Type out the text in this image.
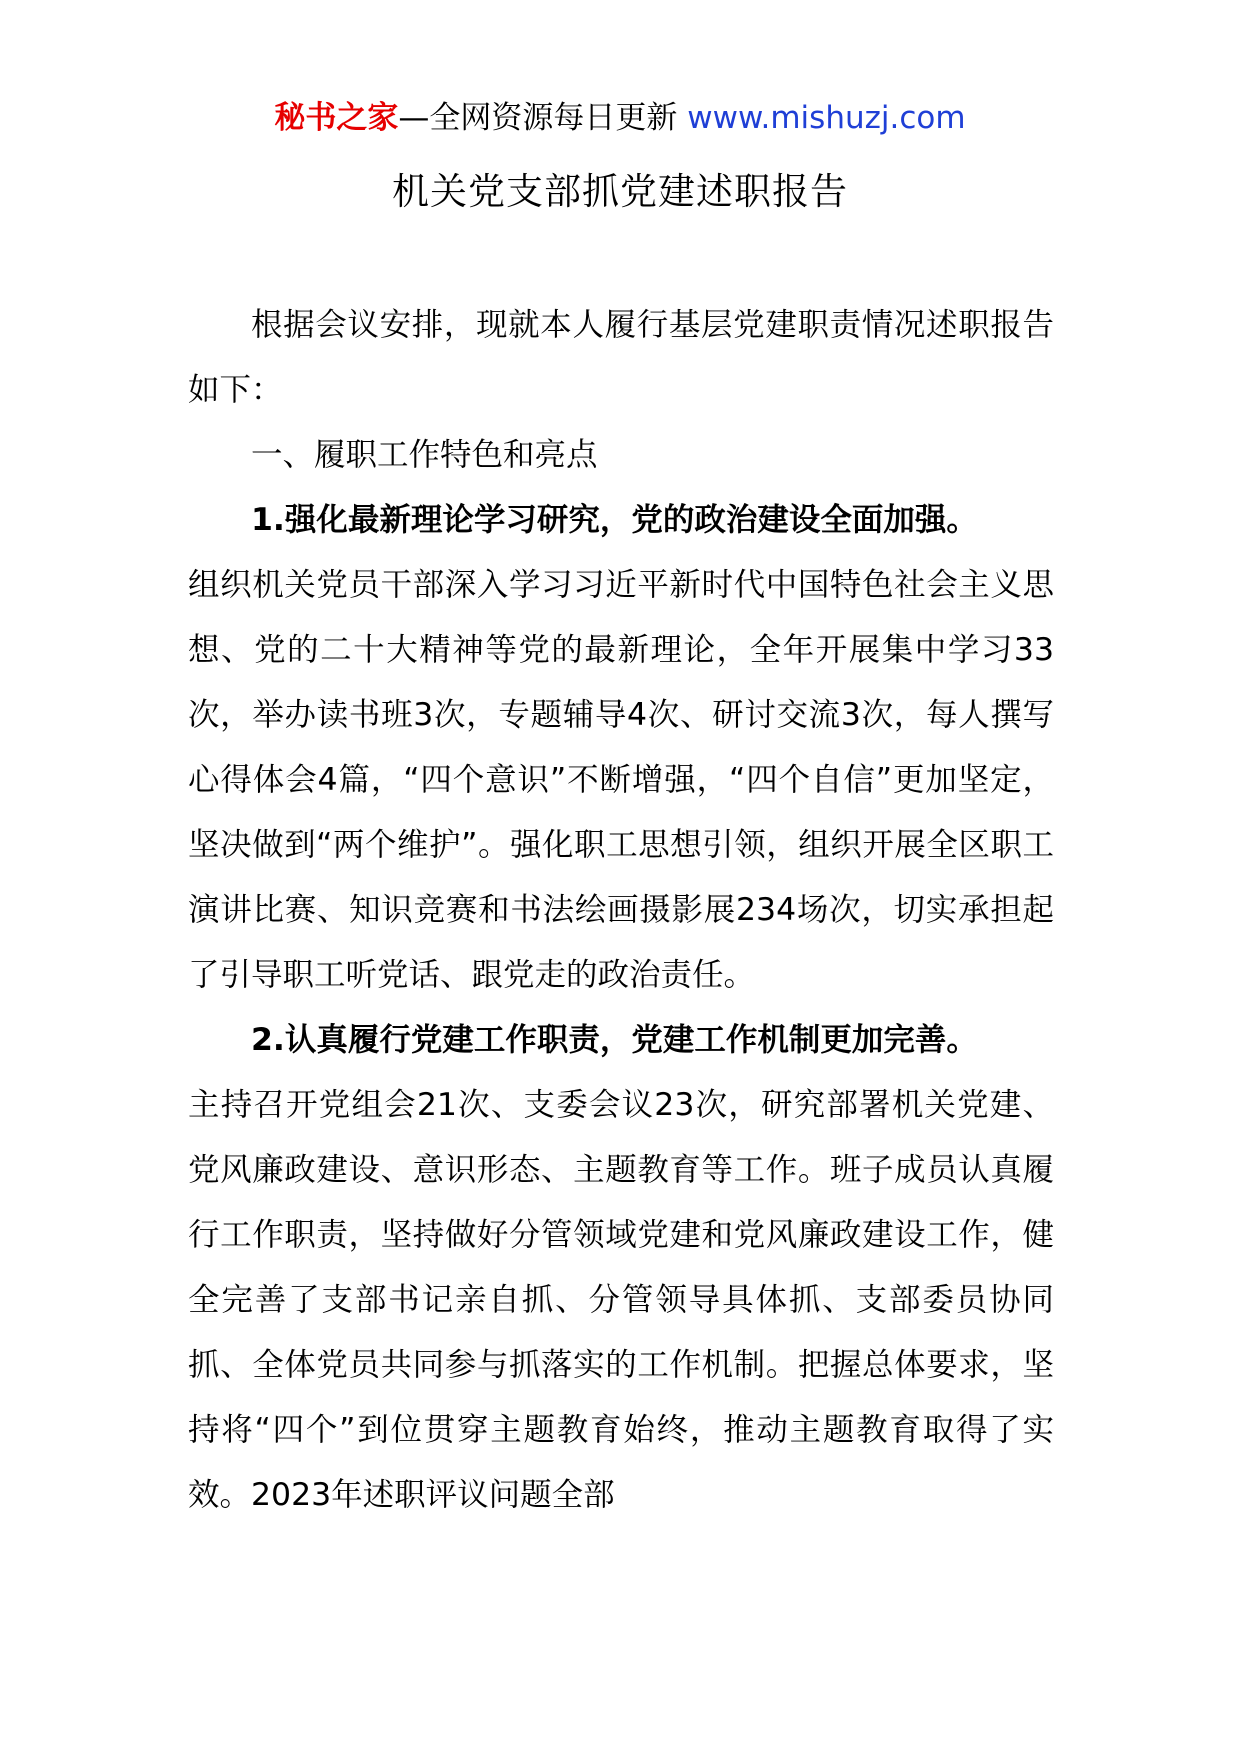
秘书之家—全网资源每日更新 www.mishuzj.com
机关党支部抓党建述职报告

根据会议安排，现就本人履行基层党建职责情况述职报告如下：

一、履职工作特色和亮点

1.强化最新理论学习研究，党的政治建设全面加强。

组织机关党员干部深入学习习近平新时代中国特色社会主义思想、党的二十大精神等党的最新理论，全年开展集中学习33次，举办读书班3次，专题辅导4次、研讨交流3次，每人撰写心得体会4篇，“四个意识”不断增强，“四个自信”更加坚定，坚决做到“两个维护”。强化职工思想引领，组织开展全区职工演讲比赛、知识竞赛和书法绘画摄影展234场次，切实承担起了引导职工听党话、跟党走的政治责任。

2.认真履行党建工作职责，党建工作机制更加完善。

主持召开党组会21次、支委会议23次，研究部署机关党建、党风廉政建设、意识形态、主题教育等工作。班子成员认真履行工作职责，坚持做好分管领域党建和党风廉政建设工作，健全完善了支部书记亲自抓、分管领导具体抓、支部委员协同抓、全体党员共同参与抓落实的工作机制。把握总体要求，坚持将“四个”到位贯穿主题教育始终，推动主题教育取得了实效。2023年述职评议问题全部
